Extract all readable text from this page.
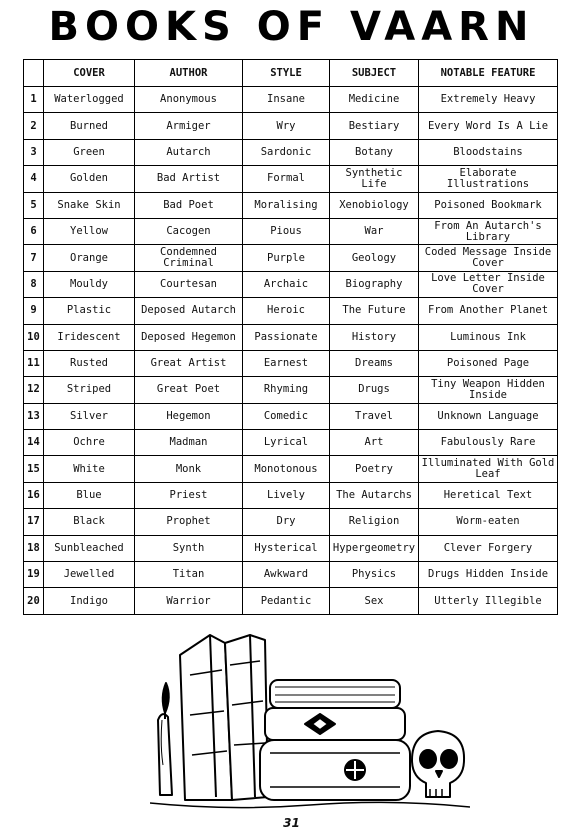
BOOKS OF VAARN
	COVER	AUTHOR	STYLE	SUBJECT	NOTABLE FEATURE
1	Waterlogged	Anonymous	Insane	Medicine	Extremely Heavy
2	Burned	Armiger	Wry	Bestiary	Every Word Is A Lie
3	Green	Autarch	Sardonic	Botany	Bloodstains
4	Golden	Bad Artist	Formal	Synthetic Life	Elaborate Illustrations
5	Snake Skin	Bad Poet	Moralising	Xenobiology	Poisoned Bookmark
6	Yellow	Cacogen	Pious	War	From An Autarch's Library
7	Orange	Condemned Criminal	Purple	Geology	Coded Message Inside Cover
8	Mouldy	Courtesan	Archaic	Biography	Love Letter Inside Cover
9	Plastic	Deposed Autarch	Heroic	The Future	From Another Planet
10	Iridescent	Deposed Hegemon	Passionate	History	Luminous Ink
11	Rusted	Great Artist	Earnest	Dreams	Poisoned Page
12	Striped	Great Poet	Rhyming	Drugs	Tiny Weapon Hidden Inside
13	Silver	Hegemon	Comedic	Travel	Unknown Language
14	Ochre	Madman	Lyrical	Art	Fabulously Rare
15	White	Monk	Monotonous	Poetry	Illuminated With Gold Leaf
16	Blue	Priest	Lively	The Autarchs	Heretical Text
17	Black	Prophet	Dry	Religion	Worm-eaten
18	Sunbleached	Synth	Hysterical	Hypergeometry	Clever Forgery
19	Jewelled	Titan	Awkward	Physics	Drugs Hidden Inside
20	Indigo	Warrior	Pedantic	Sex	Utterly Illegible
31
